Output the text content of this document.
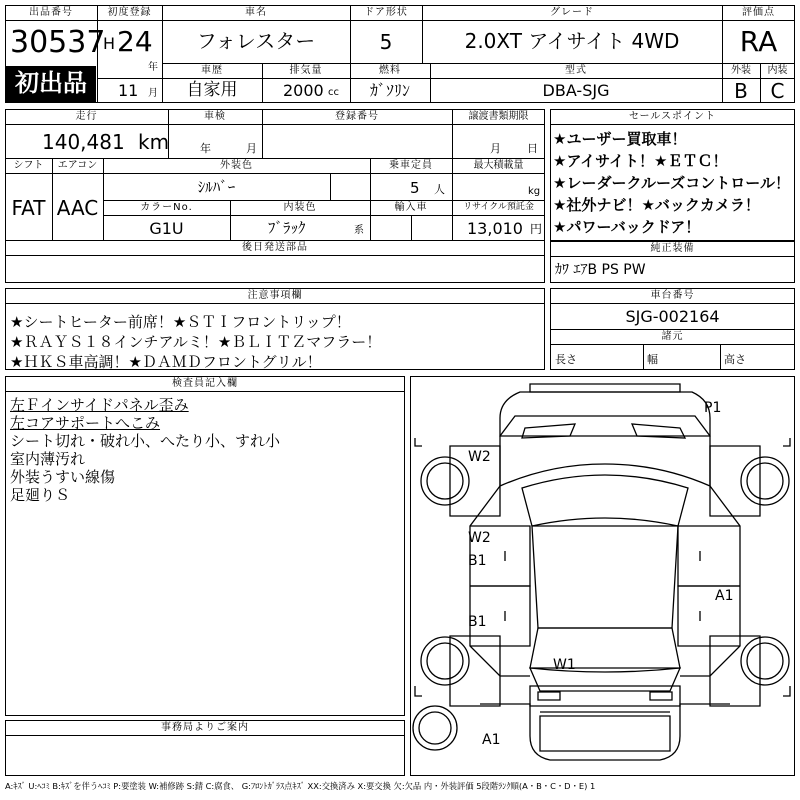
出品番号
30537
初出品
初度登録
H 24
年
11 月
車名
フォレスター
ドア形状
5
グレード
2.0XT アイサイト 4WD
評価点
RA
外装	内装
B	C
車歴
自家用
排気量
2000 cc
燃料
ｶﾞｿﾘﾝ
型式
DBA-SJG
走行
140,481 km
車検
年	月
登録番号	譲渡書類期限
月 日
シフト	エアコン
FAT AAC
外装色
ｼﾙﾊﾞｰ
乗車定員
5 人
最大積載量
kg
カラーNo.
G1U
内装色
ﾌﾞﾗｯｸ	系
輸入車	リサイクル預託金
13,010 円
後日発送部品
セールスポイント
★ユーザー買取車！
★アイサイト！★ＥＴＣ！
★レーダークルーズコントロール！
★社外ナビ！★バックカメラ！
★パワーバックドア！
純正装備
ｶﾜ ｴｱB PS PW
注意事項欄
★シートヒーター前席！★ＳＴＩフロントリップ！
★ＲＡＹＳ１８インチアルミ！★ＢＬＩＴＺマフラー！
★ＨＫＳ車高調！★ＤＡＭＤフロントグリル！
車台番号
SJG-002164
諸元
長さ	幅	高さ
検査員記入欄
左Ｆインサイドパネル歪み
左コアサポートへこみ
シート切れ・破れ小、へたり小、すれ小
室内薄汚れ
外装うすい線傷
足廻りＳ
事務局よりご案内
P1
W2
W2
B1
B1
A1
W1
A1
A:ｷｽﾞ U:ﾍｺﾐ B:ｷｽﾞを伴うﾍｺﾐ P:要塗装 W:補修跡 S:錆 C:腐食、 G:ﾌﾛﾝﾄｶﾞﾗｽ点ｷｽﾞ XX:交換済み X:要交換 欠:欠品 内・外装評価 5段階ﾗﾝｸ順(A・B・C・D・E) 1
